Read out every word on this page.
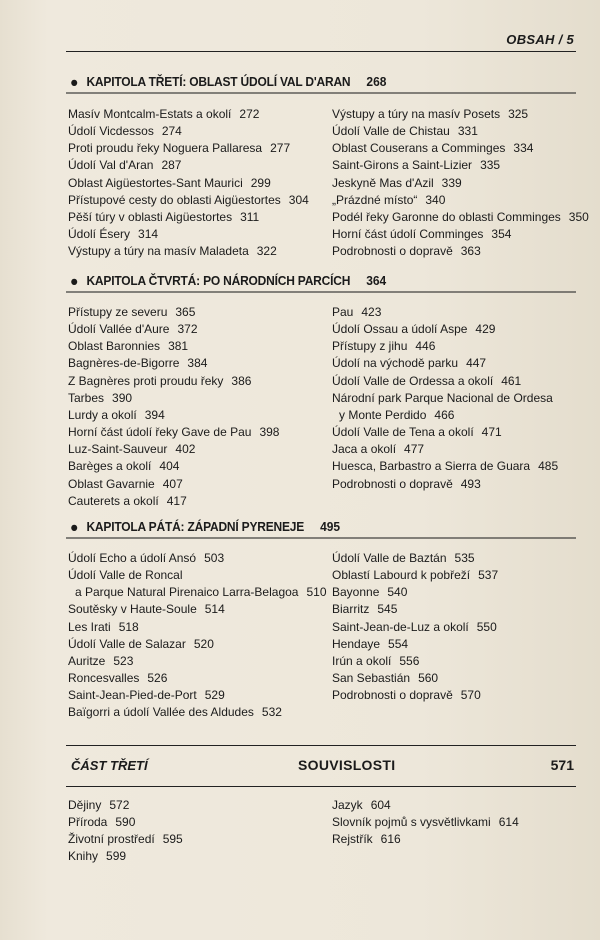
OBSAH / 5
● KAPITOLA TŘETÍ: OBLAST ÚDOLÍ VAL D'ARAN 268
Masív Montcalm-Estats a okolí 272
Údolí Vicdessos 274
Proti proudu řeky Noguera Pallaresa 277
Údolí Val d'Aran 287
Oblast Aigüestortes-Sant Maurici 299
Přístupové cesty do oblasti Aigüestortes 304
Pěší túry v oblasti Aigüestortes 311
Údolí Ésery 314
Výstupy a túry na masív Maladeta 322
Výstupy a túry na masív Posets 325
Údolí Valle de Chistau 331
Oblast Couserans a Comminges 334
Saint-Girons a Saint-Lizier 335
Jeskyně Mas d'Azil 339
„Prázdné místo“ 340
Podél řeky Garonne do oblasti Comminges 350
Horní část údolí Comminges 354
Podrobnosti o dopravě 363
● KAPITOLA ČTVRTÁ: PO NÁRODNÍCH PARCÍCH 364
Přístupy ze severu 365
Údolí Vallée d'Aure 372
Oblast Baronnies 381
Bagnères-de-Bigorre 384
Z Bagnères proti proudu řeky 386
Tarbes 390
Lurdy a okolí 394
Horní část údolí řeky Gave de Pau 398
Luz-Saint-Sauveur 402
Barèges a okolí 404
Oblast Gavarnie 407
Cauterets a okolí 417
Pau 423
Údolí Ossau a údolí Aspe 429
Přístupy z jihu 446
Údolí na východě parku 447
Údolí Valle de Ordessa a okolí 461
Národní park Parque Nacional de Ordesa
y Monte Perdido 466
Údolí Valle de Tena a okolí 471
Jaca a okolí 477
Huesca, Barbastro a Sierra de Guara 485
Podrobnosti o dopravě 493
● KAPITOLA PÁTÁ: ZÁPADNÍ PYRENEJE 495
Údolí Echo a údolí Ansó 503
Údolí Valle de Roncal
a Parque Natural Pirenaico Larra-Belagoa 510
Soutěsky v Haute-Soule 514
Les Irati 518
Údolí Valle de Salazar 520
Auritze 523
Roncesvalles 526
Saint-Jean-Pied-de-Port 529
Baïgorri a údolí Vallée des Aldudes 532
Údolí Valle de Baztán 535
Oblastí Labourd k pobřeží 537
Bayonne 540
Biarritz 545
Saint-Jean-de-Luz a okolí 550
Hendaye 554
Irún a okolí 556
San Sebastián 560
Podrobnosti o dopravě 570
ČÁST TŘETÍ	SOUVISLOSTI	571
Dějiny 572
Příroda 590
Životní prostředí 595
Knihy 599
Jazyk 604
Slovník pojmů s vysvětlivkami 614
Rejstřík 616
